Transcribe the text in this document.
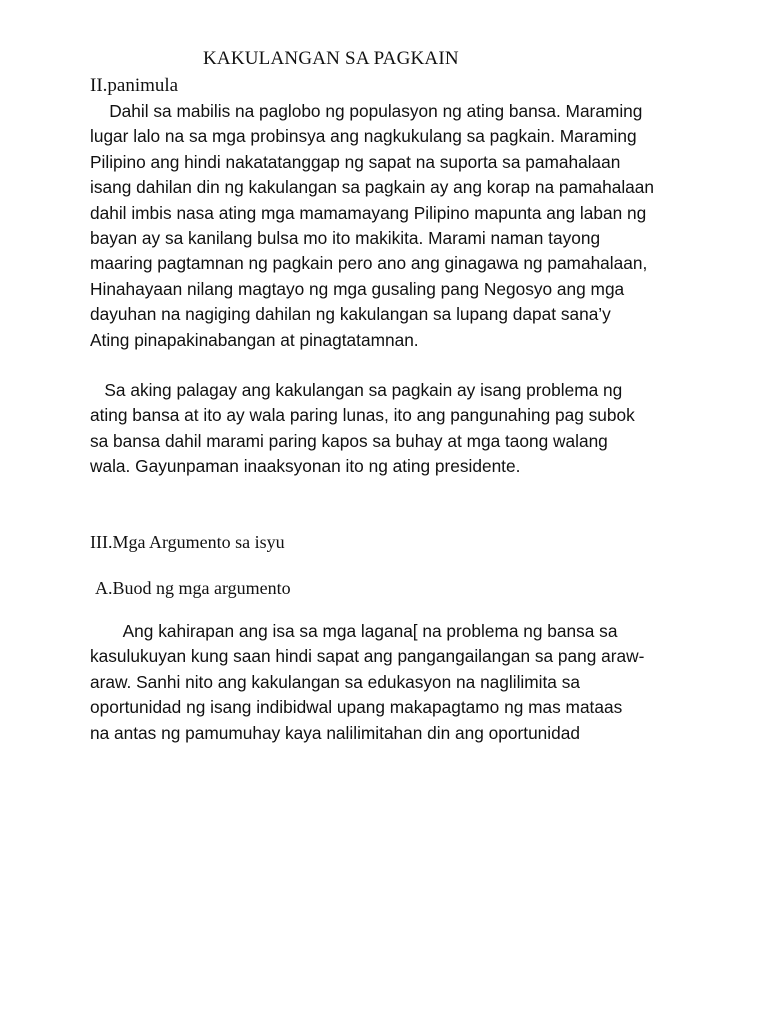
KAKULANGAN SA PAGKAIN
II.panimula
Dahil sa mabilis na paglobo ng populasyon ng ating bansa. Maraming
lugar lalo na sa mga probinsya ang nagkukulang sa pagkain. Maraming
Pilipino ang hindi nakatatanggap ng sapat na suporta sa pamahalaan
isang dahilan din ng kakulangan sa pagkain ay ang korap na pamahalaan
dahil imbis nasa ating mga mamamayang Pilipino mapunta ang laban ng
bayan ay sa kanilang bulsa mo ito makikita. Marami naman tayong
maaring pagtamnan ng pagkain pero ano ang ginagawa ng pamahalaan,
Hinahayaan nilang magtayo ng mga gusaling pang Negosyo ang mga
dayuhan na nagiging dahilan ng kakulangan sa lupang dapat sana’y
Ating pinapakinabangan at pinagtatamnan.
Sa aking palagay ang kakulangan sa pagkain ay isang problema ng
ating bansa at ito ay wala paring lunas, ito ang pangunahing pag subok
sa bansa dahil marami paring kapos sa buhay at mga taong walang
wala. Gayunpaman inaaksyonan ito ng ating presidente.
III.Mga Argumento sa isyu
A.Buod ng mga argumento
Ang kahirapan ang isa sa mga lagana[ na problema ng bansa sa
kasulukuyan kung saan hindi sapat ang pangangailangan sa pang araw-
araw. Sanhi nito ang kakulangan sa edukasyon na naglilimita sa
oportunidad ng isang indibidwal upang makapagtamo ng mas mataas
na antas ng pamumuhay kaya nalilimitahan din ang oportunidad
